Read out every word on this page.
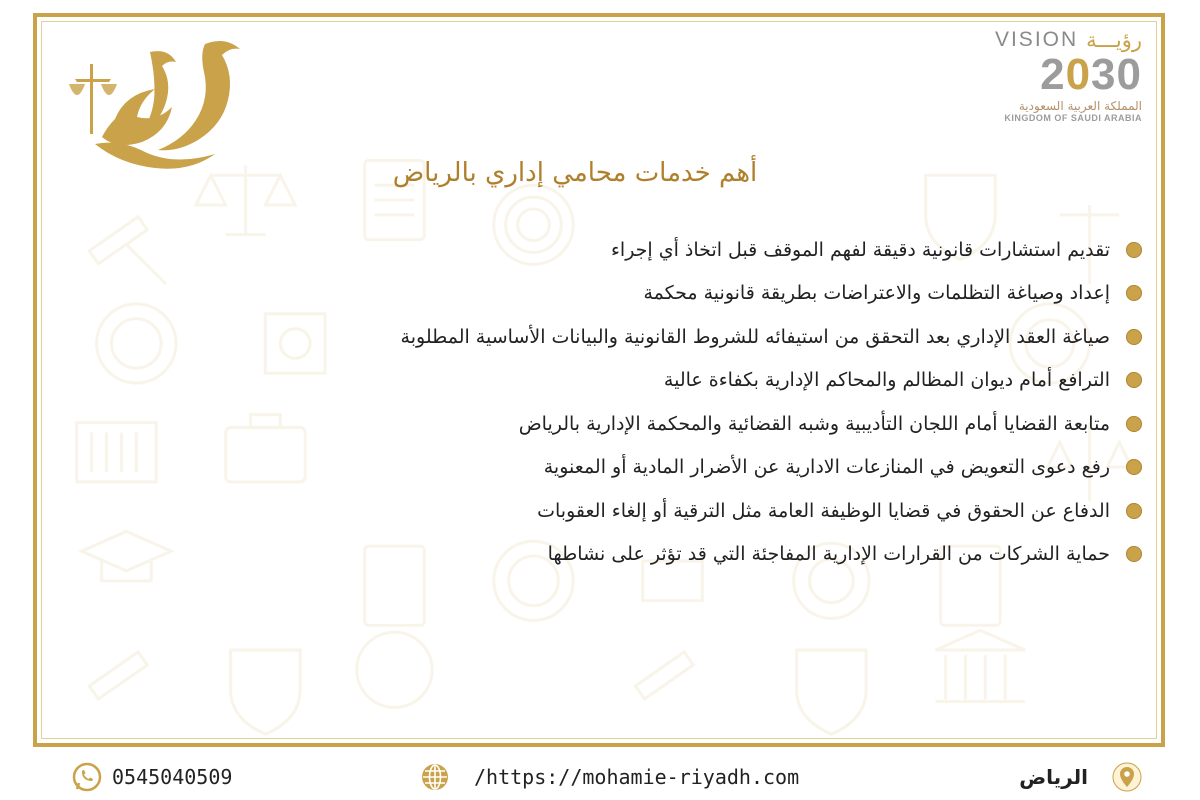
VISION رؤيـــة
2030
المملكة العربية السعودية
KINGDOM OF SAUDI ARABIA
أهم خدمات محامي إداري بالرياض
تقديم استشارات قانونية دقيقة لفهم الموقف قبل اتخاذ أي إجراء
إعداد وصياغة التظلمات والاعتراضات بطريقة قانونية محكمة
صياغة العقد الإداري بعد التحقق من استيفائه للشروط القانونية والبيانات الأساسية المطلوبة
الترافع أمام ديوان المظالم والمحاكم الإدارية بكفاءة عالية
متابعة القضايا أمام اللجان التأديبية وشبه القضائية والمحكمة الإدارية بالرياض
رفع دعوى التعويض في المنازعات الادارية عن الأضرار المادية أو المعنوية
الدفاع عن الحقوق في قضايا الوظيفة العامة مثل الترقية أو إلغاء العقوبات
حماية الشركات من القرارات الإدارية المفاجئة التي قد تؤثر على نشاطها
0545040509	/https://mohamie-riyadh.com	الرياض
